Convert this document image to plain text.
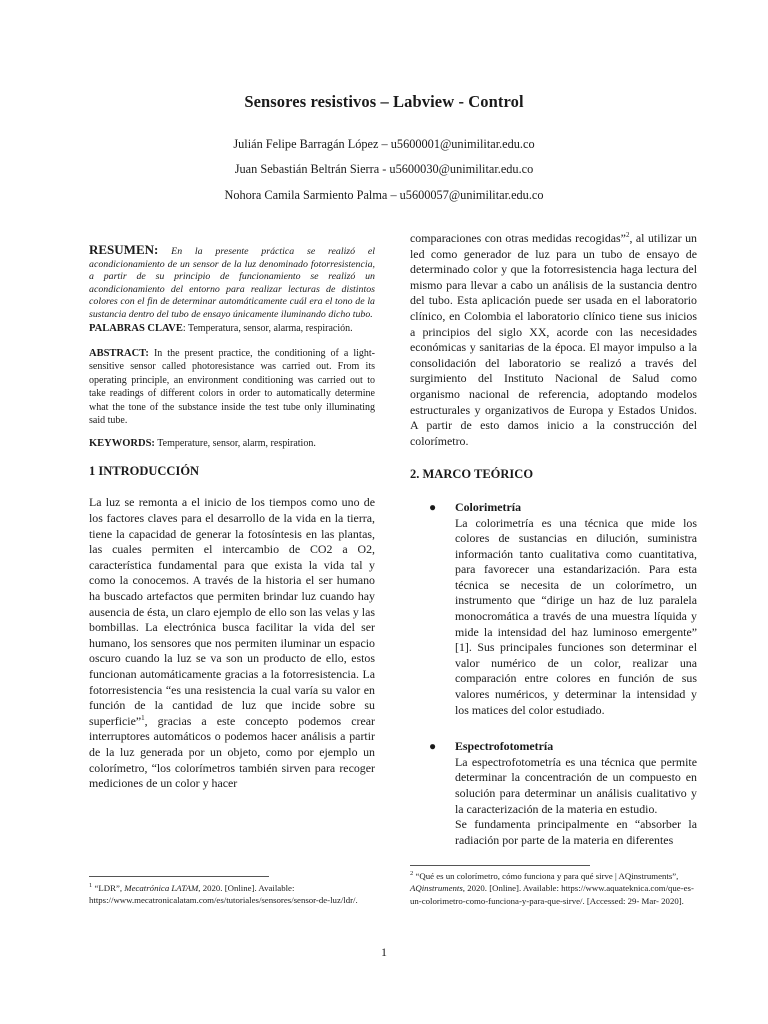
Sensores resistivos – Labview - Control
Julián Felipe Barragán López – u5600001@unimilitar.edu.co
Juan Sebastián Beltrán Sierra - u5600030@unimilitar.edu.co
Nohora Camila Sarmiento Palma – u5600057@unimilitar.edu.co

RESUMEN: En la presente práctica se realizó el acondicionamiento de un sensor de la luz denominado fotorresistencia, a partir de su principio de funcionamiento se realizó un acondicionamiento del entorno para realizar lecturas de distintos colores con el fin de determinar automáticamente cuál era el tono de la sustancia dentro del tubo de ensayo únicamente iluminando dicho tubo.

PALABRAS CLAVE: Temperatura, sensor, alarma, respiración.

ABSTRACT: In the present practice, the conditioning of a light-sensitive sensor called photoresistance was carried out. From its operating principle, an environment conditioning was carried out to take readings of different colors in order to automatically determine what the tone of the substance inside the test tube only illuminating said tube.

KEYWORDS: Temperature, sensor, alarm, respiration.

1 INTRODUCCIÓN

La luz se remonta a el inicio de los tiempos como uno de los factores claves para el desarrollo de la vida en la tierra, tiene la capacidad de generar la fotosíntesis en las plantas, las cuales permiten el intercambio de CO2 a O2, característica fundamental para que exista la vida tal y como la conocemos. A través de la historia el ser humano ha buscado artefactos que permiten brindar luz cuando hay ausencia de ésta, un claro ejemplo de ello son las velas y las bombillas. La electrónica busca facilitar la vida del ser humano, los sensores que nos permiten iluminar un espacio oscuro cuando la luz se va son un producto de ello, estos funcionan automáticamente gracias a la fotorresistencia. La fotorresistencia “es una resistencia la cual varía su valor en función de la cantidad de luz que incide sobre su superficie”$^1$, gracias a este concepto podemos crear interruptores automáticos o podemos hacer análisis a partir de la luz generada por un objeto, como por ejemplo un colorímetro, “los colorímetros también sirven para recoger mediciones de un color y hacer

$^1$ “LDR”, Mecatrónica LATAM, 2020. [Online]. Available: https://www.mecatronicalatam.com/es/tutoriales/sensores/sensor-de-luz/ldr/.

comparaciones con otras medidas recogidas”$^2$, al utilizar un led como generador de luz para un tubo de ensayo de determinado color y que la fotorresistencia haga lectura del mismo para llevar a cabo un análisis de la sustancia dentro del tubo. Esta aplicación puede ser usada en el laboratorio clínico, en Colombia el laboratorio clínico tiene sus inicios a principios del siglo XX, acorde con las necesidades económicas y sanitarias de la época. El mayor impulso a la consolidación del laboratorio se realizó a través del surgimiento del Instituto Nacional de Salud como organismo nacional de referencia, adoptando modelos estructurales y organizativos de Europa y Estados Unidos. A partir de esto damos inicio a la construcción del colorímetro.

2. MARCO TEÓRICO

● Colorimetría

La colorimetría es una técnica que mide los colores de sustancias en dilución, suministra información tanto cualitativa como cuantitativa, para favorecer una estandarización. Para esta técnica se necesita de un colorímetro, un instrumento que “dirige un haz de luz paralela monocromática a través de una muestra líquida y mide la intensidad del haz luminoso emergente” [1]. Sus principales funciones son determinar el valor numérico de un color, realizar una comparación entre colores en función de sus valores numéricos, y determinar la intensidad y los matices del color estudiado.

● Espectrofotometría

La espectrofotometría es una técnica que permite determinar la concentración de un compuesto en solución para determinar un análisis cualitativo y la caracterización de la materia en estudio.

Se fundamenta principalmente en “absorber la radiación por parte de la materia en diferentes

$^2$ “Qué es un colorímetro, cómo funciona y para qué sirve | AQinstruments”, AQinstruments, 2020. [Online]. Available: https://www.aquateknica.com/que-es-un-colorimetro-como-funciona-y-para-que-sirve/. [Accessed: 29- Mar- 2020].
1
